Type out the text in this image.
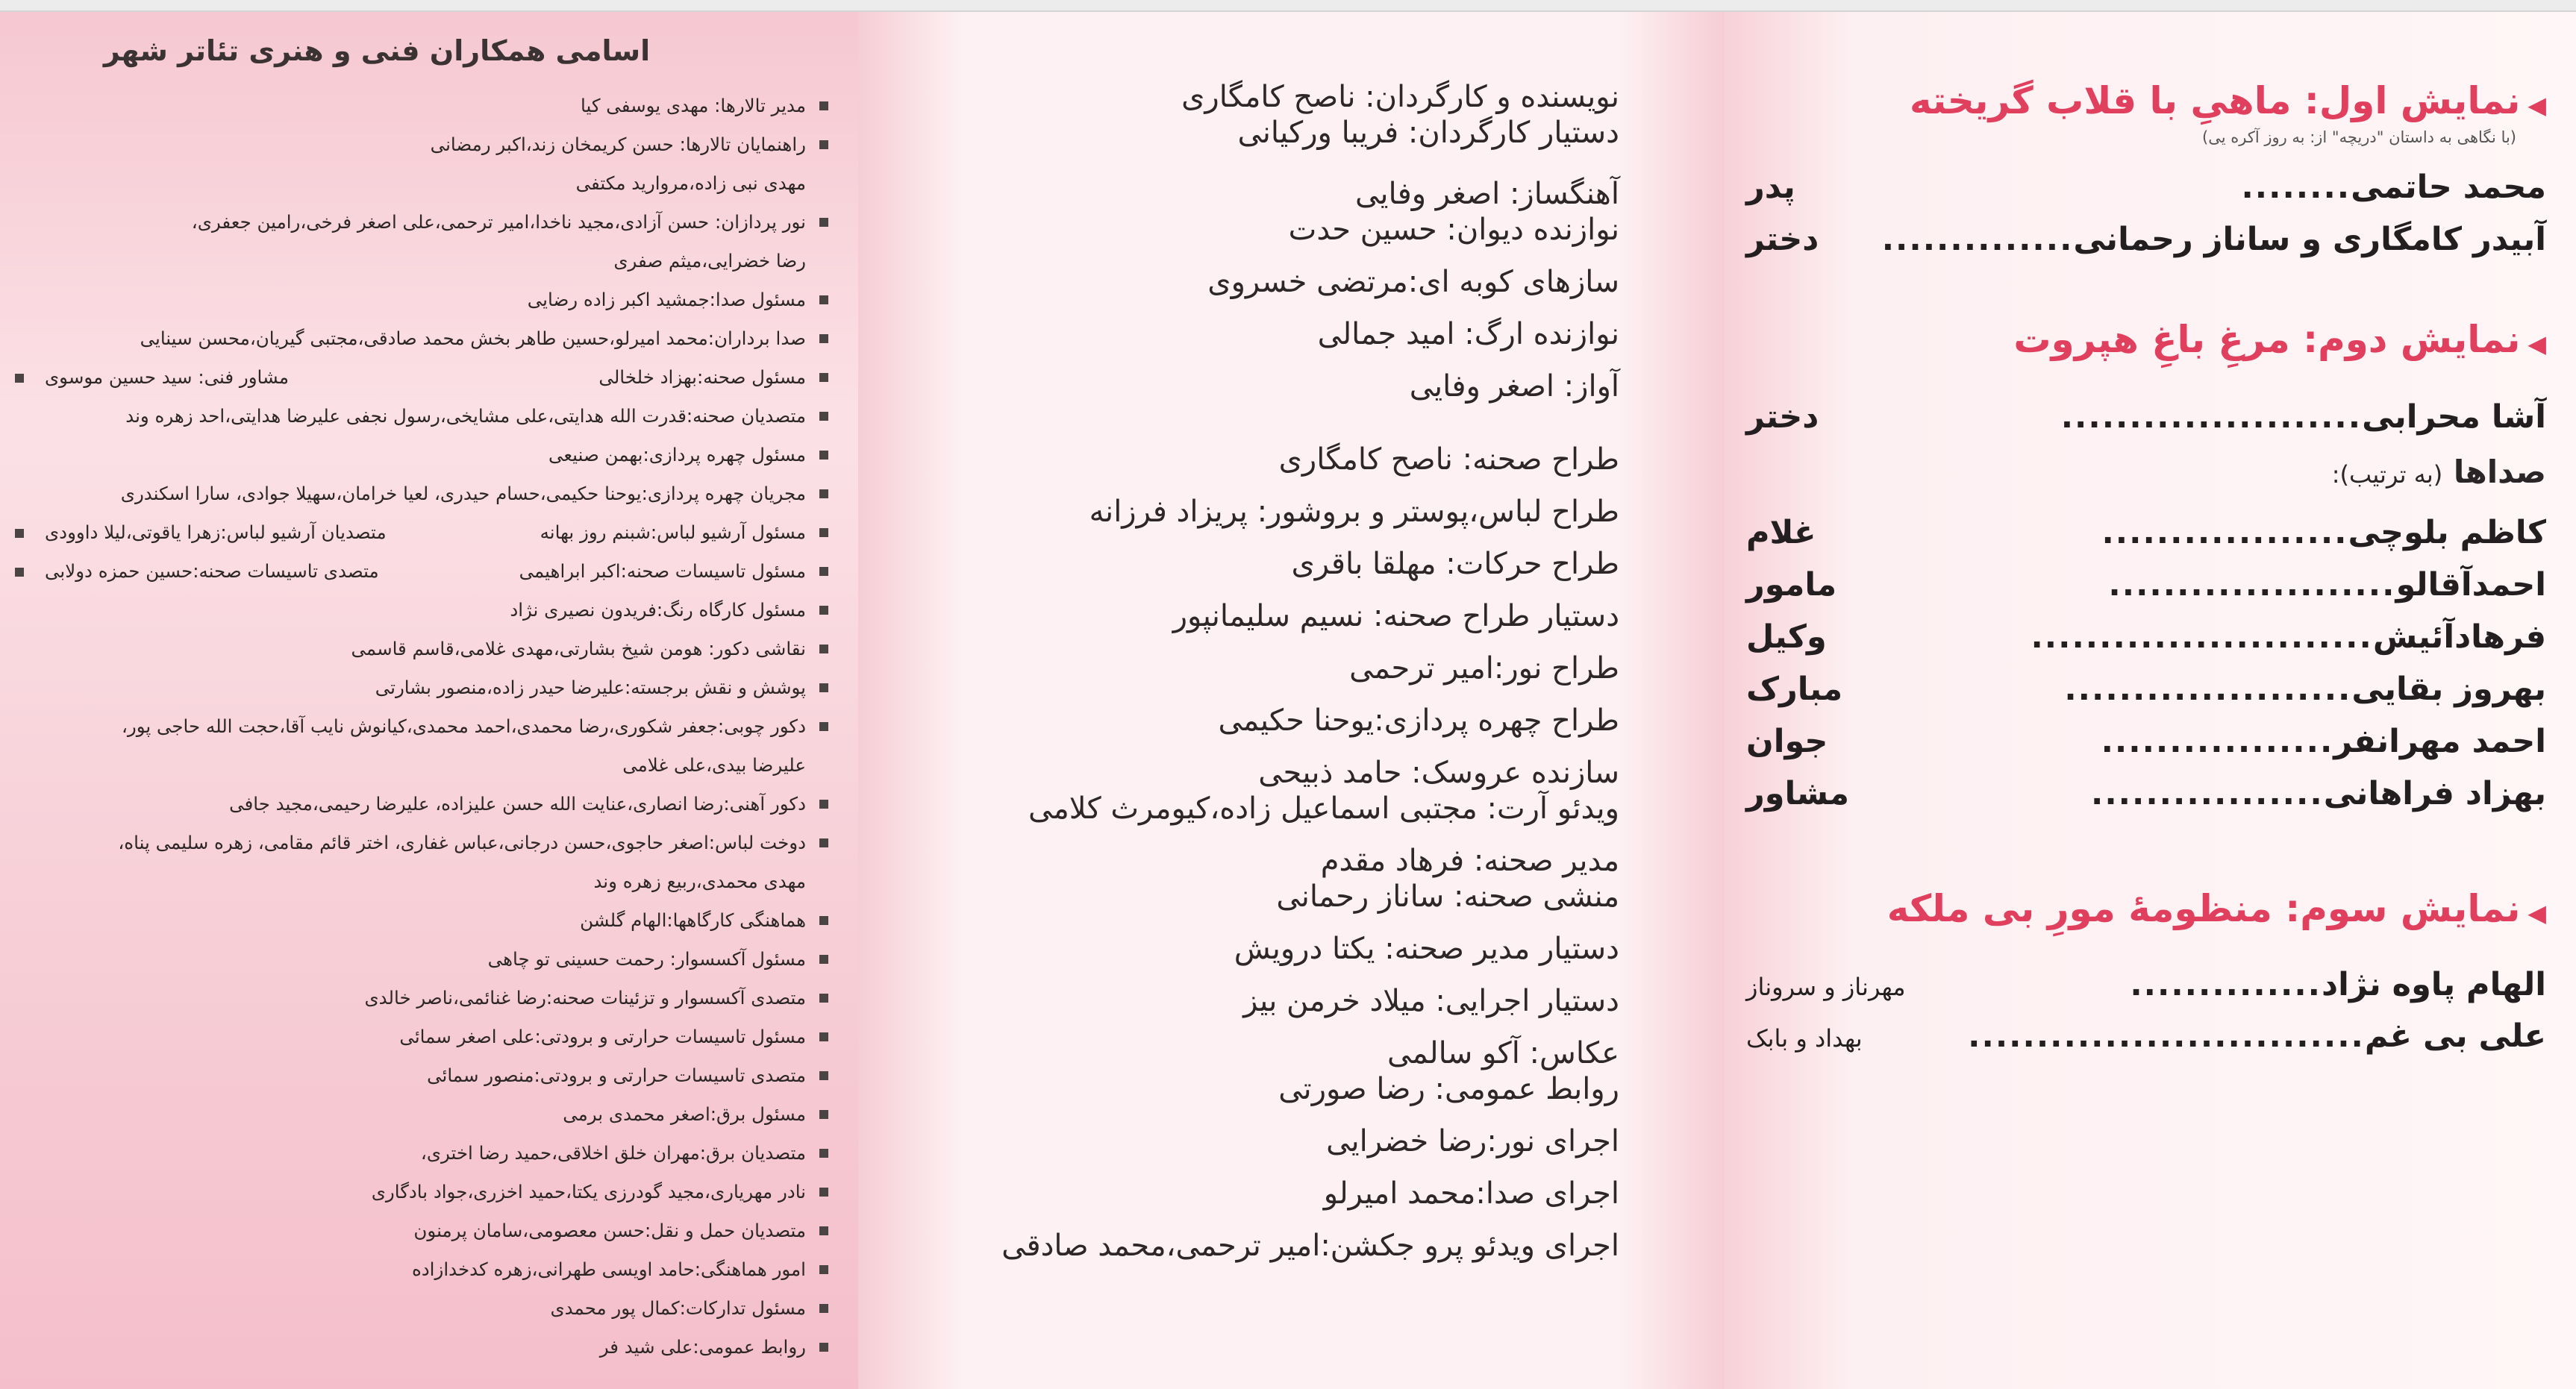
اسامی همکاران فنی و هنری تئاتر شهر
مدیر تالارها: مهدی یوسفی کیا
راهنمایان تالارها: حسن کریمخان زند،اکبر رمضانی
مهدی نبی زاده،مروارید مکتفی
نور پردازان: حسن آزادی،مجید ناخدا،امیر ترحمی،علی اصغر فرخی،رامین جعفری،
رضا خضرایی،میثم صفری
مسئول صدا:جمشید اکبر زاده رضایی
صدا برداران:محمد امیرلو،حسین طاهر بخش محمد صادقی،مجتبی گیریان،محسن سینایی
مسئول صحنه:بهزاد خلخالی
مشاور فنی: سید حسین موسوی
متصدیان صحنه:قدرت الله هدایتی،علی مشایخی،رسول نجفی علیرضا هدایتی،احد زهره وند
مسئول چهره پردازی:بهمن صنیعی
مجریان چهره پردازی:یوحنا حکیمی،حسام حیدری، لعیا خرامان،سهیلا جوادی، سارا اسکندری
مسئول آرشیو لباس:شبنم روز بهانه
متصدیان آرشیو لباس:زهرا یاقوتی،لیلا داوودی
مسئول تاسیسات صحنه:اکبر ابراهیمی
متصدی تاسیسات صحنه:حسین حمزه دولابی
مسئول کارگاه رنگ:فریدون نصیری نژاد
نقاشی دکور: هومن شیخ بشارتی،مهدی غلامی،قاسم قاسمی
پوشش و نقش برجسته:علیرضا حیدر زاده،منصور بشارتی
دکور چوبی:جعفر شکوری،رضا محمدی،احمد محمدی،کیانوش نایب آقا،حجت الله حاجی پور،
علیرضا بیدی،علی غلامی
دکور آهنی:رضا انصاری،عنایت الله حسن علیزاده، علیرضا رحیمی،مجید جافی
دوخت لباس:اصغر حاجوی،حسن درجانی،عباس غفاری، اختر قائم مقامی، زهره سلیمی پناه،
مهدی محمدی،ربیع زهره وند
هماهنگی کارگاهها:الهام گلشن
مسئول آکسسوار: رحمت حسینی تو چاهی
متصدی آکسسوار و تزئینات صحنه:رضا غنائمی،ناصر خالدی
مسئول تاسیسات حرارتی و برودتی:علی اصغر سمائی
متصدی تاسیسات حرارتی و برودتی:منصور سمائی
مسئول برق:اصغر محمدی برمی
متصدیان برق:مهران خلق اخلاقی،حمید رضا اختری،
نادر مهریاری،مجید گودرزی یکتا،حمید اخزری،جواد بادگاری
متصدیان حمل و نقل:حسن معصومی،سامان پرمنون
امور هماهنگی:حامد اویسی طهرانی،زهره کدخدازاده
مسئول تدارکات:کمال پور محمدی
روابط عمومی:علی شید فر
نویسنده و کارگردان: ناصح کامگاری
دستیار کارگردان: فریبا ورکیانی
آهنگساز: اصغر وفایی
نوازنده دیوان: حسین حدت
سازهای کوبه ای:مرتضی خسروی
نوازنده ارگ: امید جمالی
آواز: اصغر وفایی
طراح صحنه: ناصح کامگاری
طراح لباس،پوستر و بروشور: پریزاد فرزانه
طراح حرکات: مهلقا باقری
دستیار طراح صحنه: نسیم سلیمانپور
طراح نور:امیر ترحمی
طراح چهره پردازی:یوحنا حکیمی
سازنده عروسک: حامد ذبیحی
ویدئو آرت: مجتبی اسماعیل زاده،کیومرث کلامی
مدیر صحنه: فرهاد مقدم
منشی صحنه: ساناز رحمانی
دستیار مدیر صحنه: یکتا درویش
دستیار اجرایی: میلاد خرمن بیز
عکاس: آکو سالمی
روابط عمومی: رضا صورتی
اجرای نور:رضا خضرایی
اجرای صدا:محمد امیرلو
اجرای ویدئو پرو جکشن:امیر ترحمی،محمد صادقی
◀نمایش اول: ماهیِ با قلاب گریخته
(با نگاهی به داستان "دریچه" از: به روز آکره یی)
محمد حاتمی
........
پدر
آبیدر کامگاری و ساناز رحمانی
..............
دختر
◀نمایش دوم: مرغِ باغِ هپروت
آشا محرابی
......................
دختر
صداها (به ترتیب):
کاظم بلوچی
..................
غلام
احمدآقالو
.....................
مامور
فرهادآئیش
.........................
وکیل
بهروز بقایی
.....................
مبارک
احمد مهرانفر
.................
جوان
بهزاد فراهانی
.................
مشاور
◀نمایش سوم: منظومهٔ مورِ بی ملکه
الهام پاوه نژاد
..............
مهرناز و سروناز
علی بی غم
.............................
بهداد و بابک
